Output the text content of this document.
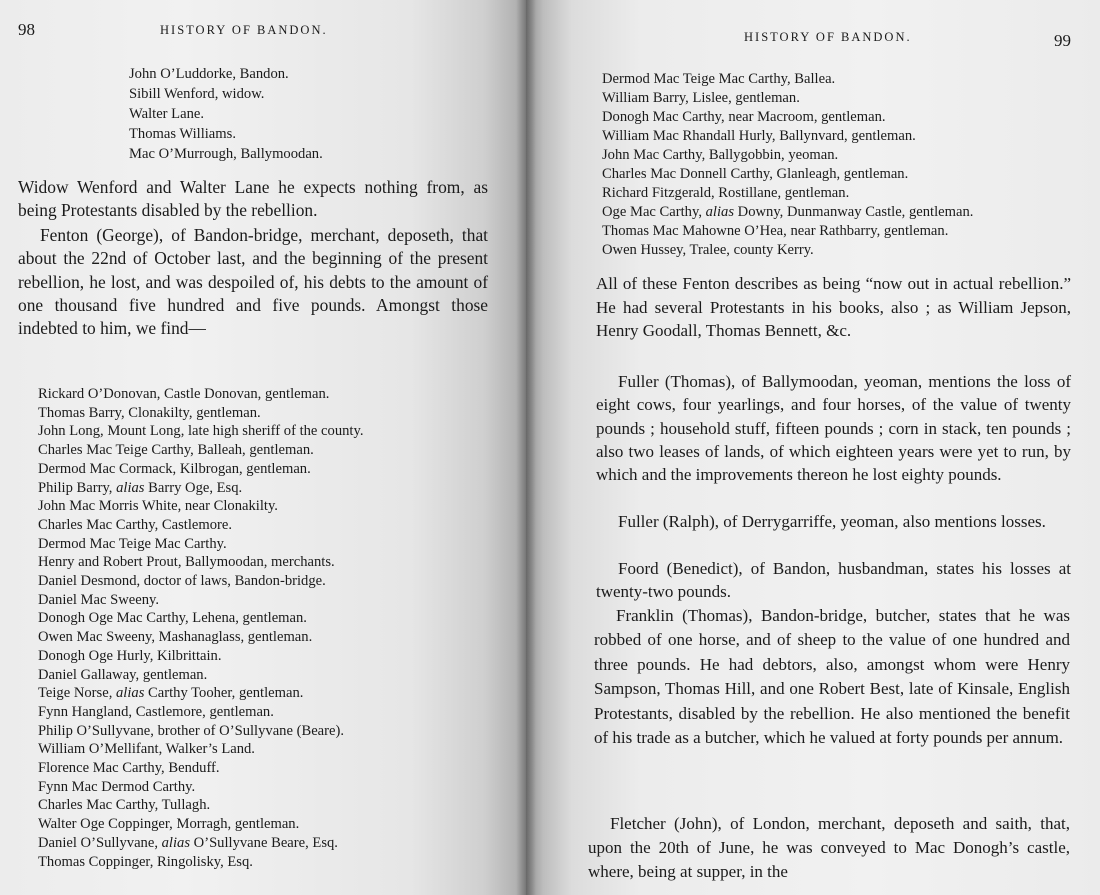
98	HISTORY OF BANDON.
John O’Luddorke, Bandon.
Sibill Wenford, widow.
Walter Lane.
Thomas Williams.
Mac O’Murrough, Ballymoodan.

Widow Wenford and Walter Lane he expects nothing from, as being Protestants disabled by the rebellion.

Fenton (George), of Bandon-bridge, merchant, deposeth, that about the 22nd of October last, and the beginning of the present rebellion, he lost, and was despoiled of, his debts to the amount of one thousand five hundred and five pounds. Amongst those indebted to him, we find—

Rickard O’Donovan, Castle Donovan, gentleman.
Thomas Barry, Clonakilty, gentleman.
John Long, Mount Long, late high sheriff of the county.
Charles Mac Teige Carthy, Balleah, gentleman.
Dermod Mac Cormack, Kilbrogan, gentleman.
Philip Barry, alias Barry Oge, Esq.
John Mac Morris White, near Clonakilty.
Charles Mac Carthy, Castlemore.
Dermod Mac Teige Mac Carthy.
Henry and Robert Prout, Ballymoodan, merchants.
Daniel Desmond, doctor of laws, Bandon-bridge.
Daniel Mac Sweeny.
Donogh Oge Mac Carthy, Lehena, gentleman.
Owen Mac Sweeny, Mashanaglass, gentleman.
Donogh Oge Hurly, Kilbrittain.
Daniel Gallaway, gentleman.
Teige Norse, alias Carthy Tooher, gentleman.
Fynn Hangland, Castlemore, gentleman.
Philip O’Sullyvane, brother of O’Sullyvane (Beare).
William O’Mellifant, Walker’s Land.
Florence Mac Carthy, Benduff.
Fynn Mac Dermod Carthy.
Charles Mac Carthy, Tullagh.
Walter Oge Coppinger, Morragh, gentleman.
Daniel O’Sullyvane, alias O’Sullyvane Beare, Esq.
Thomas Coppinger, Ringolisky, Esq.
HISTORY OF BANDON.	99
Dermod Mac Teige Mac Carthy, Ballea.
William Barry, Lislee, gentleman.
Donogh Mac Carthy, near Macroom, gentleman.
William Mac Rhandall Hurly, Ballynvard, gentleman.
John Mac Carthy, Ballygobbin, yeoman.
Charles Mac Donnell Carthy, Glanleagh, gentleman.
Richard Fitzgerald, Rostillane, gentleman.
Oge Mac Carthy, alias Downy, Dunmanway Castle, gentleman.
Thomas Mac Mahowne O’Hea, near Rathbarry, gentleman.
Owen Hussey, Tralee, county Kerry.

All of these Fenton describes as being “now out in actual rebellion.” He had several Protestants in his books, also ; as William Jepson, Henry Goodall, Thomas Bennett, &c.

Fuller (Thomas), of Ballymoodan, yeoman, mentions the loss of eight cows, four yearlings, and four horses, of the value of twenty pounds ; household stuff, fifteen pounds ; corn in stack, ten pounds ; also two leases of lands, of which eighteen years were yet to run, by which and the improvements thereon he lost eighty pounds.

Fuller (Ralph), of Derrygarriffe, yeoman, also mentions losses.

Foord (Benedict), of Bandon, husbandman, states his losses at twenty-two pounds.

Franklin (Thomas), Bandon-bridge, butcher, states that he was robbed of one horse, and of sheep to the value of one hundred and three pounds. He had debtors, also, amongst whom were Henry Sampson, Thomas Hill, and one Robert Best, late of Kinsale, English Protestants, disabled by the rebellion. He also mentioned the benefit of his trade as a butcher, which he valued at forty pounds per annum.

Fletcher (John), of London, merchant, deposeth and saith, that, upon the 20th of June, he was conveyed to Mac Donogh’s castle, where, being at supper, in the
